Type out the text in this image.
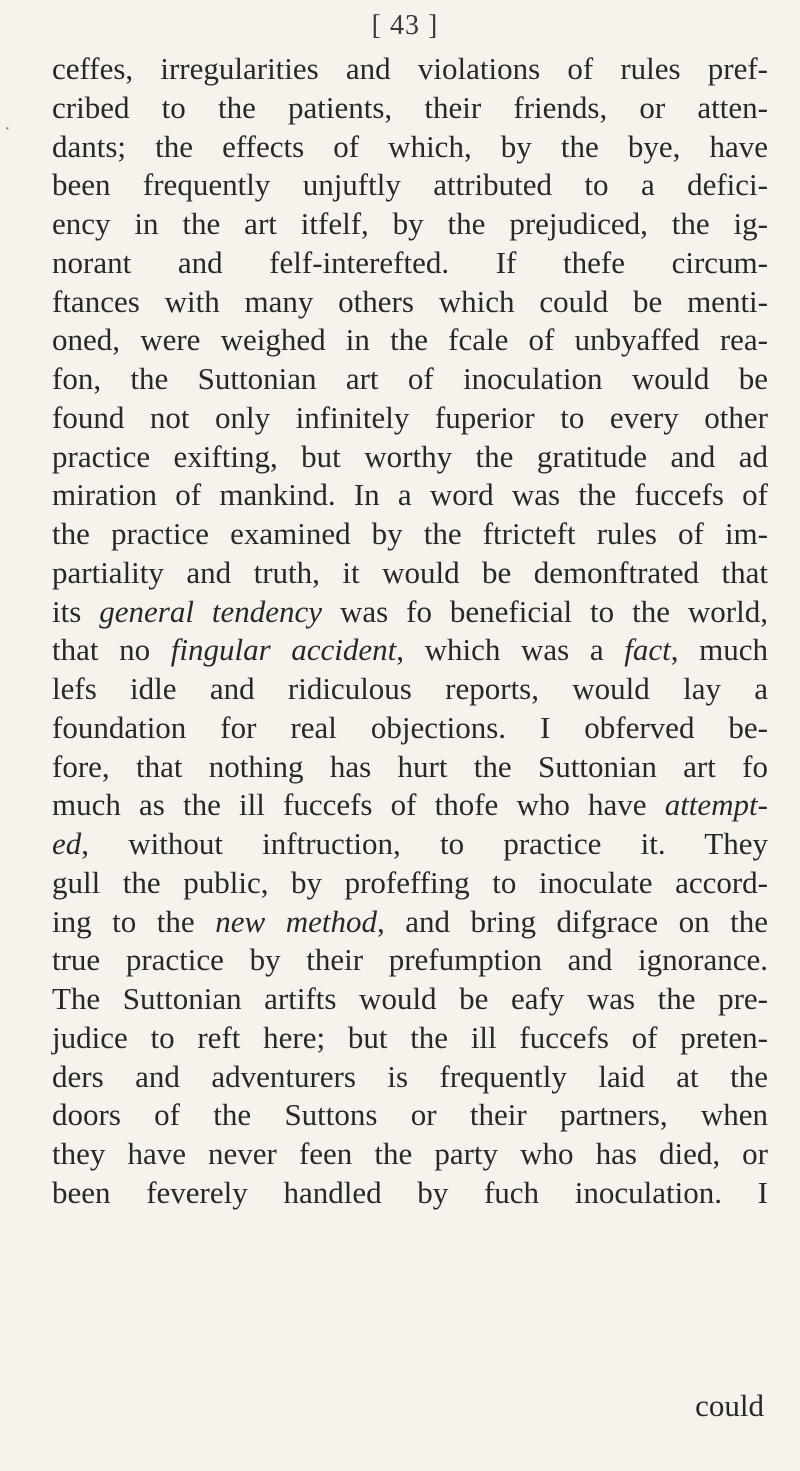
[ 43 ]
·
ceffes, irregularities and violations of rules pref-
cribed to the patients, their friends, or atten-
dants; the effects of which, by the bye, have
been frequently unjuftly attributed to a defici-
ency in the art itfelf, by the prejudiced, the ig-
norant and felf-interefted. If thefe circum-
ftances with many others which could be menti-
oned, were weighed in the fcale of unbyaffed rea-
fon, the Suttonian art of inoculation would be
found not only infinitely fuperior to every other
practice exifting, but worthy the gratitude and ad
miration of mankind. In a word was the fuccefs of
the practice examined by the ftricteft rules of im-
partiality and truth, it would be demonftrated that
its general tendency was fo beneficial to the world,
that no fingular accident, which was a fact, much
lefs idle and ridiculous reports, would lay a
foundation for real objections. I obferved be-
fore, that nothing has hurt the Suttonian art fo
much as the ill fuccefs of thofe who have attempt-
ed, without inftruction, to practice it. They
gull the public, by profeffing to inoculate accord-
ing to the new method, and bring difgrace on the
true practice by their prefumption and ignorance.
The Suttonian artifts would be eafy was the pre-
judice to reft here; but the ill fuccefs of preten-
ders and adventurers is frequently laid at the
doors of the Suttons or their partners, when
they have never feen the party who has died, or
been feverely handled by fuch inoculation. I
could
